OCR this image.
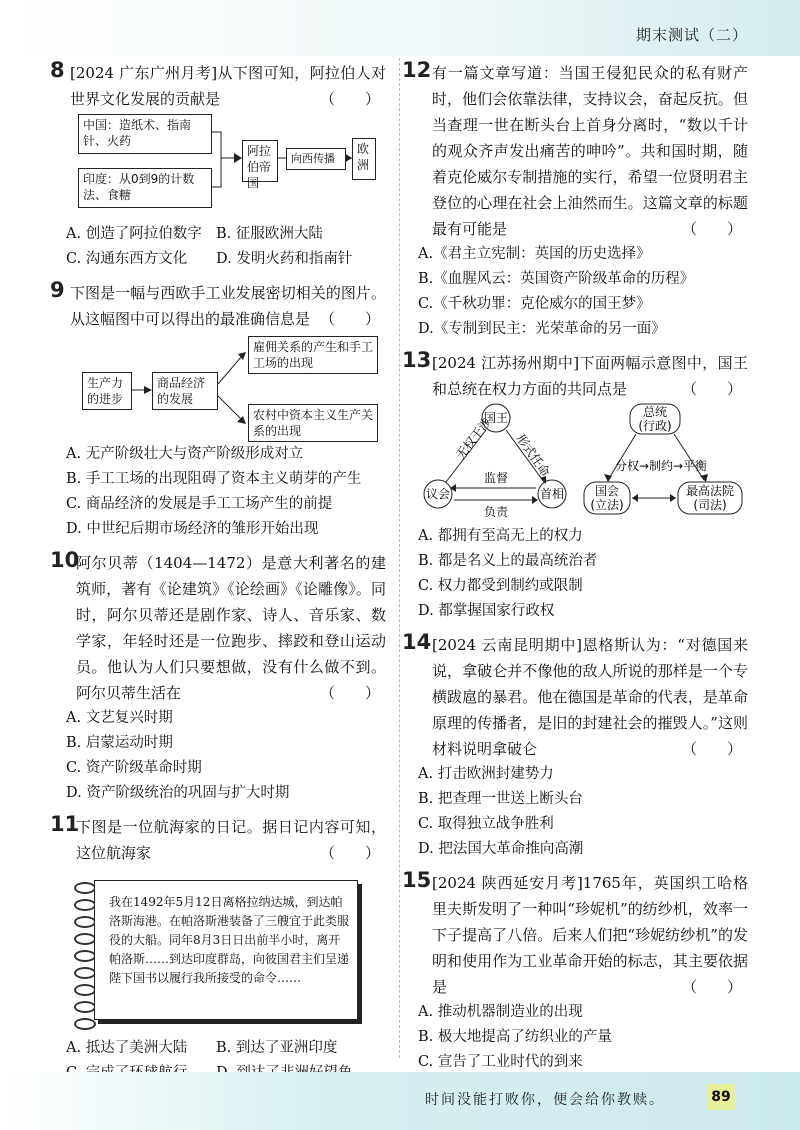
期末测试（二）
8 [2024 广东广州月考]从下图可知，阿拉伯人对世界文化发展的贡献是	（　　）
中国：造纸术、指南针、火药
印度：从0到9的计数法、食糖
阿拉伯帝国
向西传播
欧洲
A. 创造了阿拉伯数字 B. 征服欧洲大陆
C. 沟通东西方文化	D. 发明火药和指南针
9 下图是一幅与西欧手工业发展密切相关的图片。从这幅图中可以得出的最准确信息是 （　　）
生产力的进步
商品经济的发展
雇佣关系的产生和手工工场的出现
农村中资本主义生产关系的出现
A. 无产阶级壮大与资产阶级形成对立
B. 手工工场的出现阻碍了资本主义萌芽的产生
C. 商品经济的发展是手工工场产生的前提
D. 中世纪后期市场经济的雏形开始出现
10
阿尔贝蒂（1404—1472）是意大利著名的建筑师，著有《论建筑》《论绘画》《论雕像》。同时，阿尔贝蒂还是剧作家、诗人、音乐家、数学家，年轻时还是一位跑步、摔跤和登山运动员。他认为人们只要想做，没有什么做不到。阿尔贝蒂生活在	（　　）
A. 文艺复兴时期
B. 启蒙运动时期
C. 资产阶级革命时期
D. 资产阶级统治的巩固与扩大时期
11
下图是一位航海家的日记。据日记内容可知，这位航海家	（　　）
我在1492年5月12日离格拉纳达城，到达帕洛斯海港。在帕洛斯港装备了三艘宜于此类服役的大船。同年8月3日日出前半小时，离开帕洛斯……到达印度群岛，向彼国君主们呈递陛下国书以履行我所接受的命令……
A. 抵达了美洲大陆	B. 到达了亚洲印度
12 有一篇文章写道：当国王侵犯民众的私有财产时，他们会依靠法律，支持议会，奋起反抗。但当查理一世在断头台上首身分离时，“数以千计的观众齐声发出痛苦的呻吟”。共和国时期，随着克伦威尔专制措施的实行，希望一位贤明君主登位的心理在社会上油然而生。这篇文章的标题最有可能是	（　　）
A.《君主立宪制：英国的历史选择》
B.《血腥风云：英国资产阶级革命的历程》
C.《千秋功罪：克伦威尔的国王梦》
D.《专制到民主：光荣革命的另一面》
13 [2024 江苏扬州期中]下面两幅示意图中，国王和总统在权力方面的共同点是	（　　）
国王
议会	首相
无权干涉 形式任命
监督
负责
总统
(行政)
国会
(立法)
最高法院
(司法)
分权→制约→平衡
A. 都拥有至高无上的权力
B. 都是名义上的最高统治者
C. 权力都受到制约或限制
D. 都掌握国家行政权
14 [2024 云南昆明期中]恩格斯认为：“对德国来说，拿破仑并不像他的敌人所说的那样是一个专横跋扈的暴君。他在德国是革命的代表，是革命原理的传播者，是旧的封建社会的摧毁人。”这则材料说明拿破仑	（　　）
A. 打击欧洲封建势力
B. 把查理一世送上断头台
C. 取得独立战争胜利
D. 把法国大革命推向高潮
15 [2024 陕西延安月考]1765年，英国织工哈格里夫斯发明了一种叫“珍妮机”的纺纱机，效率一下子提高了八倍。后来人们把“珍妮纺纱机”的发明和使用作为工业革命开始的标志，其主要依据是	（　　）
A. 推动机器制造业的出现
B. 极大地提高了纺织业的产量
C. 宣告了工业时代的到来
时间没能打败你，便会给你教赎。	89
